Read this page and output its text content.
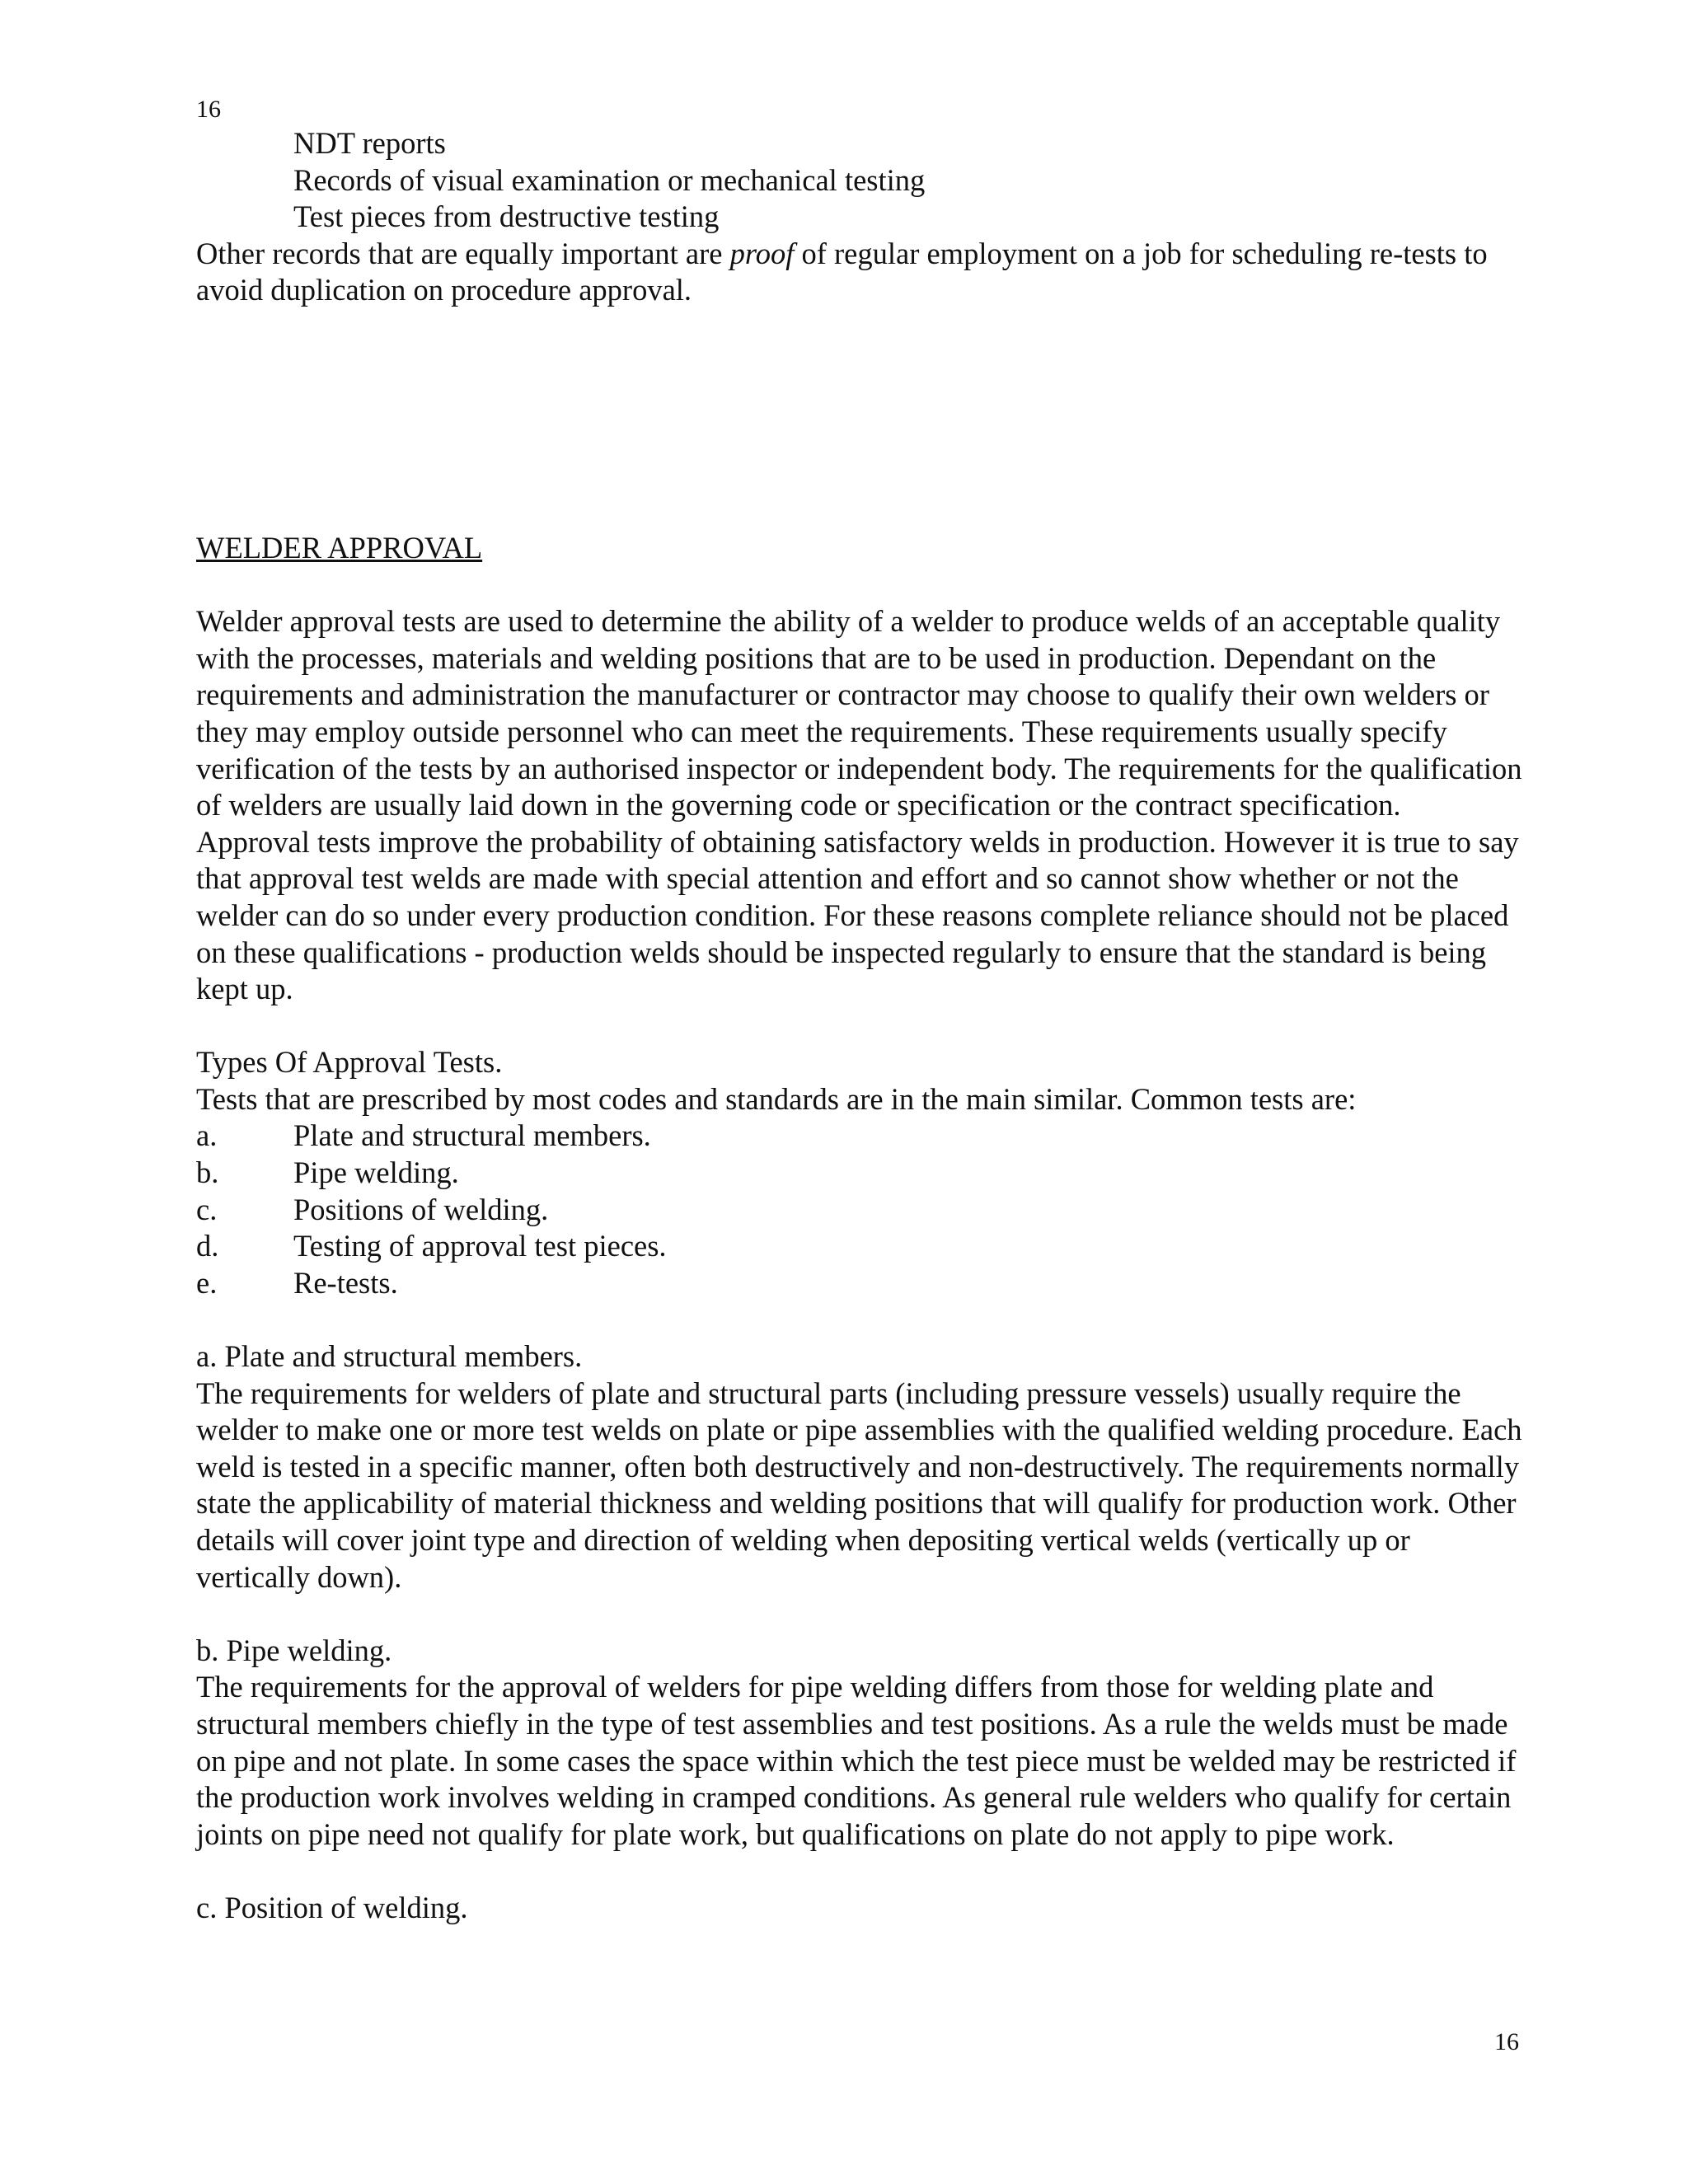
16
NDT reports
Records of visual examination or mechanical testing
Test pieces from destructive testing

Other records that are equally important are proof of regular employment on a job for scheduling re-tests to avoid duplication on procedure approval.

WELDER APPROVAL

Welder approval tests are used to determine the ability of a welder to produce welds of an acceptable quality with the processes, materials and welding positions that are to be used in production. Dependant on the requirements and administration the manufacturer or contractor may choose to qualify their own welders or they may employ outside personnel who can meet the requirements. These requirements usually specify verification of the tests by an authorised inspector or independent body. The requirements for the qualification of welders are usually laid down in the governing code or specification or the contract specification.

Approval tests improve the probability of obtaining satisfactory welds in production. However it is true to say that approval test welds are made with special attention and effort and so cannot show whether or not the welder can do so under every production condition. For these reasons complete reliance should not be placed on these qualifications - production welds should be inspected regularly to ensure that the standard is being kept up.

Types Of Approval Tests.
Tests that are prescribed by most codes and standards are in the main similar. Common tests are:
a.	Plate and structural members.
b.	Pipe welding.
c.	Positions of welding.
d.	Testing of approval test pieces.
e.	Re-tests.
a. Plate and structural members.

The requirements for welders of plate and structural parts (including pressure vessels) usually require the welder to make one or more test welds on plate or pipe assemblies with the qualified welding procedure. Each weld is tested in a specific manner, often both destructively and non-destructively. The requirements normally state the applicability of material thickness and welding positions that will qualify for production work. Other details will cover joint type and direction of welding when depositing vertical welds (vertically up or vertically down).

b. Pipe welding.

The requirements for the approval of welders for pipe welding differs from those for welding plate and structural members chiefly in the type of test assemblies and test positions. As a rule the welds must be made on pipe and not plate. In some cases the space within which the test piece must be welded may be restricted if the production work involves welding in cramped conditions. As general rule welders who qualify for certain joints on pipe need not qualify for plate work, but qualifications on plate do not apply to pipe work.

c. Position of welding.
16
